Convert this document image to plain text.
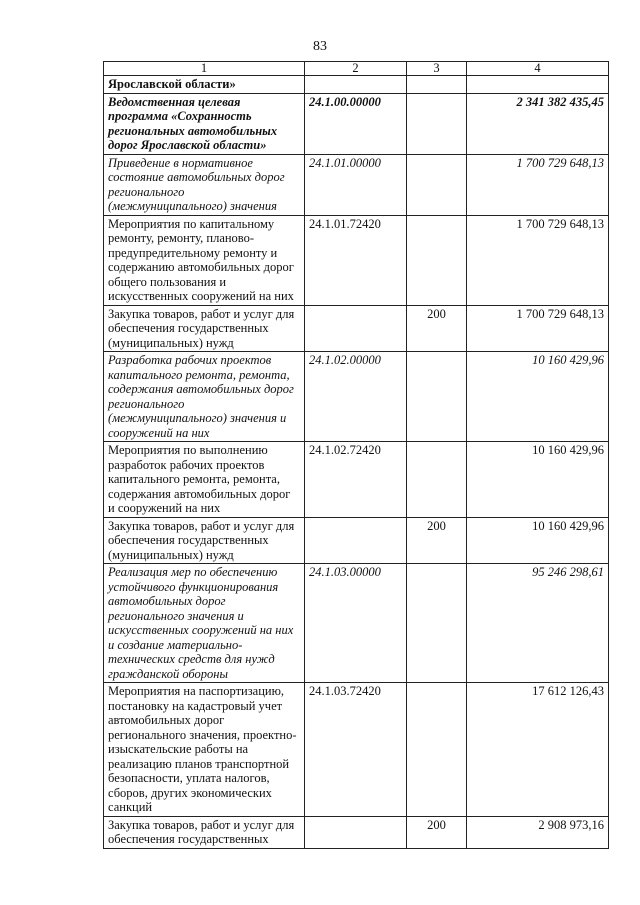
83
1	2	3	4
Ярославской области»			
Ведомственная целевая программа «Сохранность региональных автомобильных дорог Ярославской области»	24.1.00.00000		2 341 382 435,45
Приведение в нормативное состояние автомобильных дорог регионального (межмуниципального) значения	24.1.01.00000		1 700 729 648,13
Мероприятия по капитальному ремонту, ремонту, планово-предупредительному ремонту и содержанию автомобильных дорог общего пользования и искусственных сооружений на них	24.1.01.72420		1 700 729 648,13
Закупка товаров, работ и услуг для обеспечения государственных (муниципальных) нужд		200	1 700 729 648,13
Разработка рабочих проектов капитального ремонта, ремонта, содержания автомобильных дорог регионального (межмуниципального) значения и сооружений на них	24.1.02.00000		10 160 429,96
Мероприятия по выполнению разработок рабочих проектов капитального ремонта, ремонта, содержания автомобильных дорог и сооружений на них	24.1.02.72420		10 160 429,96
Закупка товаров, работ и услуг для обеспечения государственных (муниципальных) нужд		200	10 160 429,96
Реализация мер по обеспечению устойчивого функционирования автомобильных дорог регионального значения и искусственных сооружений на них и создание материально-технических средств для нужд гражданской обороны	24.1.03.00000		95 246 298,61
Мероприятия на паспортизацию, постановку на кадастровый учет автомобильных дорог регионального значения, проектно-изыскательские работы на реализацию планов транспортной безопасности, уплата налогов, сборов, других экономических санкций	24.1.03.72420		17 612 126,43
Закупка товаров, работ и услуг для обеспечения государственных		200	2 908 973,16
